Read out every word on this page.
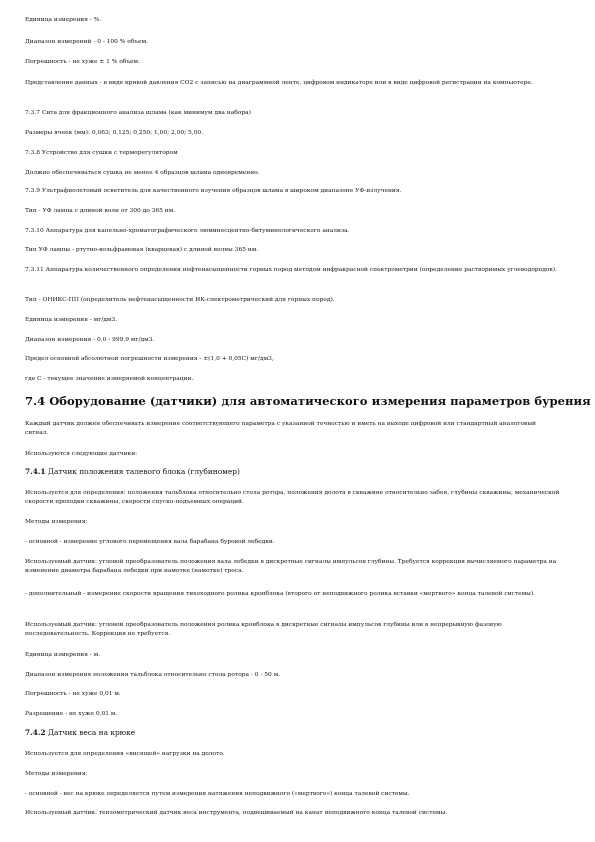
Единица измерения - %.
Диапазон измерений - 0 - 100 % объем.
Погрешность - не хуже ± 1 % объем.
Представление данных - в виде кривой давления СО2 с записью на диаграммной ленте, цифровом индикаторе или в виде цифровой регистрации на компьютере.
7.3.7 Сита для фракционного анализа шлама (как минимум два набора)
Размеры ячеек (мм): 0,063; 0,125; 0,250; 1,00; 2,00; 5,00.
7.3.8 Устройство для сушки с терморегулятором
Должно обеспечиваться сушка не менее 4 образцов шлама одновременно.
7.3.9 Ультрафиолетовый осветитель для качественного изучения образцов шлама в широком диапазоне УФ-излучения.
Тип - УФ лампа с длиной волн от 300 до 365 нм.
7.3.10 Аппаратура для капельно-хроматографического люминесцентно-битуминологического анализа.
Тип УФ лампы - ртутно-вольфрамовая (кварцевая) с длиной волны 365 нм.
7.3.11 Аппаратура количественного определения нефтенасыщенности горных пород методом инфракрасной спектрометрии (определение растворимых углеводородов).
Тип - ОНИКС-ПП (определитель нефтенасыщенности ИК-спектрометрический для горных пород).
Единица измерения - мг/дм3.
Диапазон измерения - 0,0 - 999,9 мг/дм3.
Предел основной абсолютной погрешности измерения - ±(1,0 + 0,05С) мг/дм3,
где С - текущее значение измеряемой концентрации.
7.4 Оборудование (датчики) для автоматического измерения параметров бурения
Каждый датчик должен обеспечивать измерение соответствующего параметра с указанной точностью и иметь на выходе цифровой или стандартный аналоговый сигнал.
Используются следующие датчики:
7.4.1 Датчик положения талевого блока (глубиномер)
Используется для определения: положения тальблока относительно стола ротора, положения долота в скважине относительно забоя, глубины скважины, механической скорости проходки скважины, скорости спуско-подъемных операций.
Методы измерения:
- основной - измерение углового перемещения вала барабана буровой лебедки.
Используемый датчик: угловой преобразователь положения вала лебедки в дискретные сигналы импульсов глубины. Требуется коррекция вычисляемого параметра на изменение диаметра барабана лебедки при намотке (намотке) троса.
- дополнительный - измерение скорости вращения тихоходного ролика кронблока (второго от неподвижного ролика вставки «мертвого» конца талевой системы).
Используемый датчик: угловой преобразователь положения ролика кронблока в дискретные сигналы импульсов глубины или в непрерывную фазовую последовательность. Коррекция не требуется.
Единица измерения - м.
Диапазон измерения положения тальблока относительно стола ротора - 0 - 50 м.
Погрешность - не хуже 0,01 м.
Разрешение - не хуже 0,01 м.
7.4.2 Датчик веса на крюке
Используется для определения «висящей» нагрузки на долото.
Методы измерения:
- основной - вес на крюке определяется путем измерения натяжения неподвижного («мертвого») конца талевой системы.
Используемый датчик: тензометрический датчик веса инструмента, подвешиваемый на канат неподвижного конца талевой системы.
